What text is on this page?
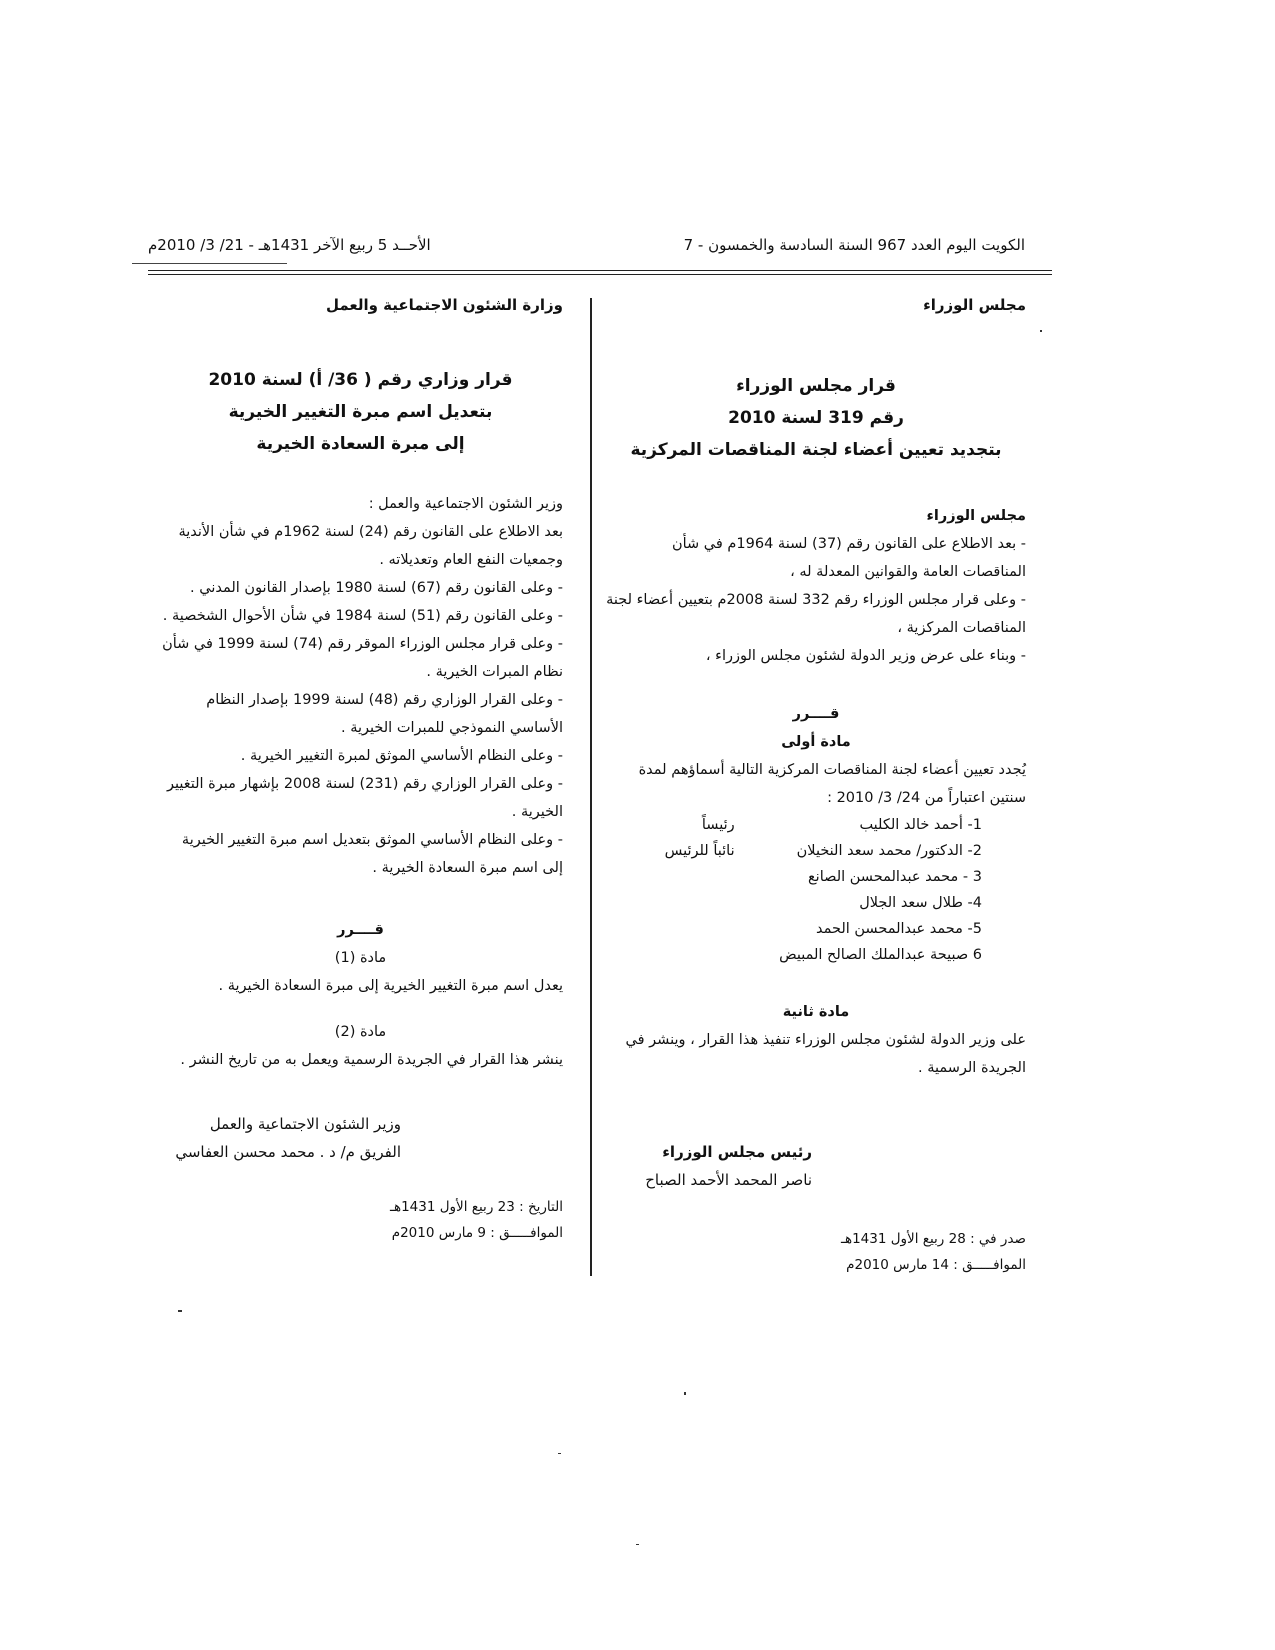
الكويت اليوم العدد 967 السنة السادسة والخمسون - 7
الأحــد 5 ربيع الآخر 1431هـ - 21/ 3/ 2010م
مجلس الوزراء
قرار مجلس الوزراء
رقم 319 لسنة 2010
بتجديد تعيين أعضاء لجنة المناقصات المركزية

مجلس الوزراء

- بعد الاطلاع على القانون رقم (37) لسنة 1964م في شأن المناقصات العامة والقوانين المعدلة له ،

- وعلى قرار مجلس الوزراء رقم 332 لسنة 2008م بتعيين أعضاء لجنة المناقصات المركزية ،

- وبناء على عرض وزير الدولة لشئون مجلس الوزراء ،

قــــرر

مادة أولى

يُجدد تعيين أعضاء لجنة المناقصات المركزية التالية أسماؤهم لمدة سنتين اعتباراً من 24/ 3/ 2010 :

1- أحمد خالد الكليب
رئيساً
2- الدكتور/ محمد سعد النخيلان
نائباً للرئيس
3 - محمد عبدالمحسن الصانع
4- طلال سعد الجلال
5- محمد عبدالمحسن الحمد
6 صبيحة عبدالملك الصالح المبيض

مادة ثانية

على وزير الدولة لشئون مجلس الوزراء تنفيذ هذا القرار ، وينشر في الجريدة الرسمية .

رئيس مجلس الوزراء
ناصر المحمد الأحمد الصباح
صدر في : 28 ربيع الأول 1431هـ
الموافـــــق : 14 مارس 2010م
وزارة الشئون الاجتماعية والعمل
قرار وزاري رقم ( 36/ أ) لسنة 2010
بتعديل اسم مبرة التغيير الخيرية
إلى مبرة السعادة الخيرية

وزير الشئون الاجتماعية والعمل :

بعد الاطلاع على القانون رقم (24) لسنة 1962م في شأن الأندية وجمعيات النفع العام وتعديلاته .

- وعلى القانون رقم (67) لسنة 1980 بإصدار القانون المدني .

- وعلى القانون رقم (51) لسنة 1984 في شأن الأحوال الشخصية .

- وعلى قرار مجلس الوزراء الموقر رقم (74) لسنة 1999 في شأن نظام المبرات الخيرية .

- وعلى القرار الوزاري رقم (48) لسنة 1999 بإصدار النظام الأساسي النموذجي للمبرات الخيرية .

- وعلى النظام الأساسي الموثق لمبرة التغيير الخيرية .

- وعلى القرار الوزاري رقم (231) لسنة 2008 بإشهار مبرة التغيير الخيرية .

- وعلى النظام الأساسي الموثق بتعديل اسم مبرة التغيير الخيرية إلى اسم مبرة السعادة الخيرية .

قــــرر

مادة (1)

يعدل اسم مبرة التغيير الخيرية إلى مبرة السعادة الخيرية .

مادة (2)

ينشر هذا القرار في الجريدة الرسمية ويعمل به من تاريخ النشر .

وزير الشئون الاجتماعية والعمل
الفريق م/ د . محمد محسن العفاسي
التاريخ : 23 ربيع الأول 1431هـ
الموافـــــق : 9 مارس 2010م
